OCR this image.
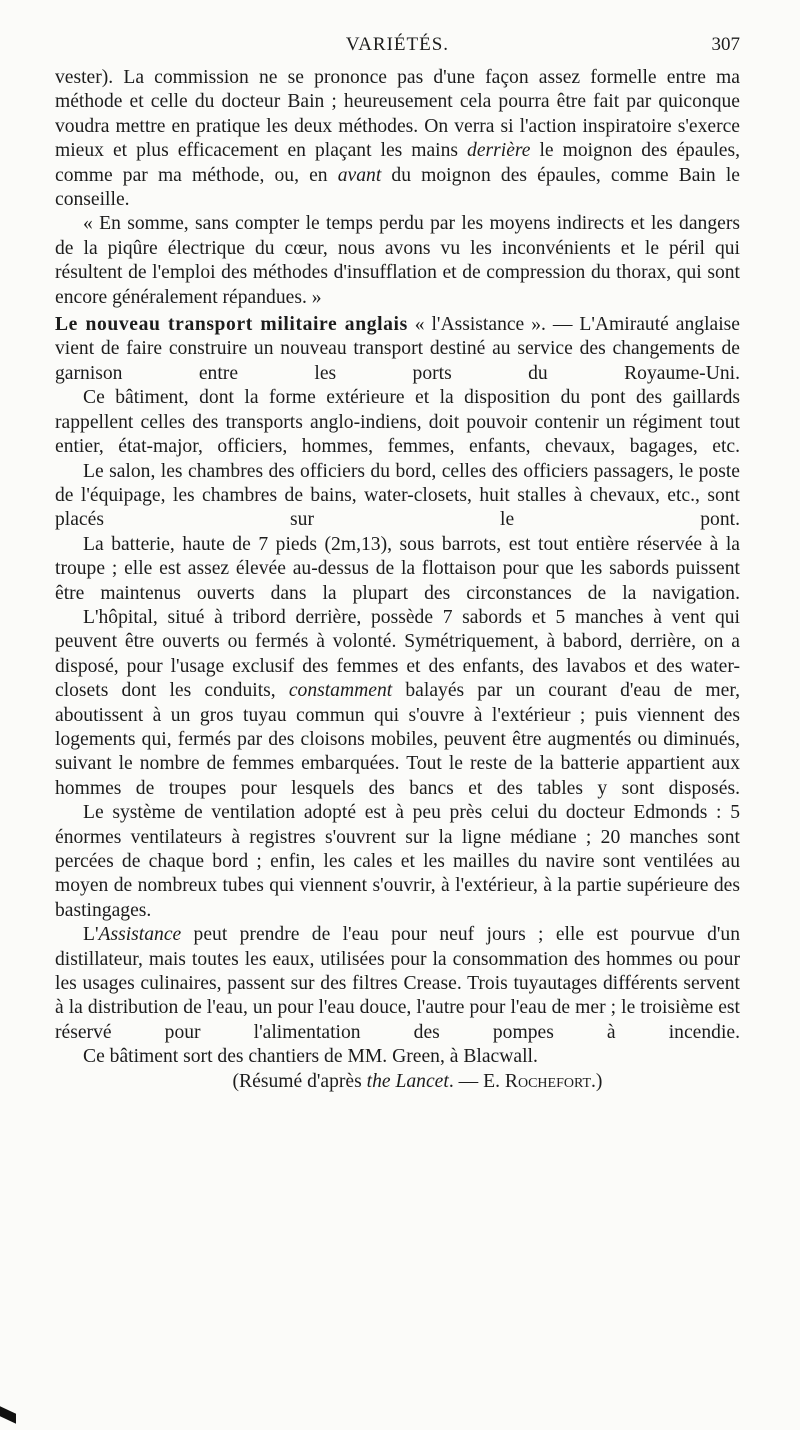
VARIÉTÉS.	307

vester). La commission ne se prononce pas d'une façon assez formelle entre ma méthode et celle du docteur Bain ; heureusement cela pourra être fait par quiconque voudra mettre en pratique les deux méthodes. On verra si l'action inspiratoire s'exerce mieux et plus efficacement en plaçant les mains derrière le moignon des épaules, comme par ma méthode, ou, en avant du moignon des épaules, comme Bain le conseille.

« En somme, sans compter le temps perdu par les moyens indirects et les dangers de la piqûre électrique du cœur, nous avons vu les inconvénients et le péril qui résultent de l'emploi des méthodes d'insufflation et de compression du thorax, qui sont encore généralement répandues. »

Le nouveau transport militaire anglais « l'Assistance ». — L'Amirauté anglaise vient de faire construire un nouveau transport destiné au service des changements de garnison entre les ports du Royaume-Uni.

Ce bâtiment, dont la forme extérieure et la disposition du pont des gaillards rappellent celles des transports anglo-indiens, doit pouvoir contenir un régiment tout entier, état-major, officiers, hommes, femmes, enfants, chevaux, bagages, etc.

Le salon, les chambres des officiers du bord, celles des officiers passagers, le poste de l'équipage, les chambres de bains, water-closets, huit stalles à chevaux, etc., sont placés sur le pont.

La batterie, haute de 7 pieds (2m,13), sous barrots, est tout entière réservée à la troupe ; elle est assez élevée au-dessus de la flottaison pour que les sabords puissent être maintenus ouverts dans la plupart des circonstances de la navigation.

L'hôpital, situé à tribord derrière, possède 7 sabords et 5 manches à vent qui peuvent être ouverts ou fermés à volonté. Symétriquement, à babord, derrière, on a disposé, pour l'usage exclusif des femmes et des enfants, des lavabos et des water-closets dont les conduits, constamment balayés par un courant d'eau de mer, aboutissent à un gros tuyau commun qui s'ouvre à l'extérieur ; puis viennent des logements qui, fermés par des cloisons mobiles, peuvent être augmentés ou diminués, suivant le nombre de femmes embarquées. Tout le reste de la batterie appartient aux hommes de troupes pour lesquels des bancs et des tables y sont disposés.

Le système de ventilation adopté est à peu près celui du docteur Edmonds : 5 énormes ventilateurs à registres s'ouvrent sur la ligne médiane ; 20 manches sont percées de chaque bord ; enfin, les cales et les mailles du navire sont ventilées au moyen de nombreux tubes qui viennent s'ouvrir, à l'extérieur, à la partie supérieure des bastingages.

L'Assistance peut prendre de l'eau pour neuf jours ; elle est pourvue d'un distillateur, mais toutes les eaux, utilisées pour la consommation des hommes ou pour les usages culinaires, passent sur des filtres Crease. Trois tuyautages différents servent à la distribution de l'eau, un pour l'eau douce, l'autre pour l'eau de mer ; le troisième est réservé pour l'alimentation des pompes à incendie.

Ce bâtiment sort des chantiers de MM. Green, à Blacwall.

(Résumé d'après the Lancet. — E. Rochefort.)
